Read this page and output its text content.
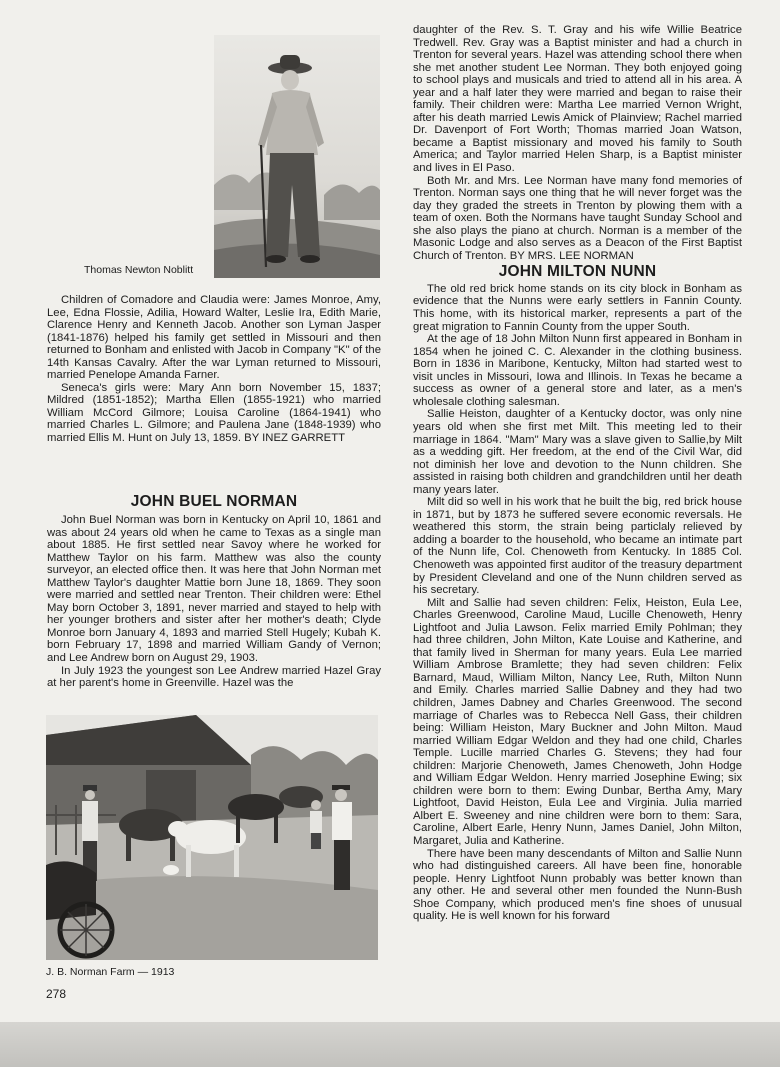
Thomas Newton Noblitt

Children of Comadore and Claudia were: James Monroe, Amy, Lee, Edna Flossie, Adilia, Howard Walter, Leslie Ira, Edith Marie, Clarence Henry and Kenneth Jacob. Another son Lyman Jasper (1841-1876) helped his family get settled in Missouri and then returned to Bonham and enlisted with Jacob in Company "K" of the 14th Kansas Cavalry. After the war Lyman returned to Missouri, married Penelope Amanda Farner.

Seneca's girls were: Mary Ann born November 15, 1837; Mildred (1851-1852); Martha Ellen (1855-1921) who married William McCord Gilmore; Louisa Caroline (1864-1941) who married Charles L. Gilmore; and Paulena Jane (1848-1939) who married Ellis M. Hunt on July 13, 1859. BY INEZ GARRETT

JOHN BUEL NORMAN

John Buel Norman was born in Kentucky on April 10, 1861 and was about 24 years old when he came to Texas as a single man about 1885. He first settled near Savoy where he worked for Matthew Taylor on his farm. Matthew was also the county surveyor, an elected office then. It was here that John Norman met Matthew Taylor's daughter Mattie born June 18, 1869. They soon were married and settled near Trenton. Their children were: Ethel May born October 3, 1891, never married and stayed to help with her younger brothers and sister after her mother's death; Clyde Monroe born January 4, 1893 and married Stell Hugely; Kubah K. born February 17, 1898 and married William Gandy of Vernon; and Lee Andrew born on August 29, 1903.

In July 1923 the youngest son Lee Andrew married Hazel Gray at her parent's home in Greenville. Hazel was the

J. B. Norman Farm — 1913
278

daughter of the Rev. S. T. Gray and his wife Willie Beatrice Tredwell. Rev. Gray was a Baptist minister and had a church in Trenton for several years. Hazel was attending school there when she met another student Lee Norman. They both enjoyed going to school plays and musicals and tried to attend all in his area. A year and a half later they were married and began to raise their family. Their children were: Martha Lee married Vernon Wright, after his death married Lewis Amick of Plainview; Rachel married Dr. Davenport of Fort Worth; Thomas married Joan Watson, became a Baptist missionary and moved his family to South America; and Taylor married Helen Sharp, is a Baptist minister and lives in El Paso.

Both Mr. and Mrs. Lee Norman have many fond memories of Trenton. Norman says one thing that he will never forget was the day they graded the streets in Trenton by plowing them with a team of oxen. Both the Normans have taught Sunday School and she also plays the piano at church. Norman is a member of the Masonic Lodge and also serves as a Deacon of the First Baptist Church of Trenton. BY MRS. LEE NORMAN

JOHN MILTON NUNN

The old red brick home stands on its city block in Bonham as evidence that the Nunns were early settlers in Fannin County. This home, with its historical marker, represents a part of the great migration to Fannin County from the upper South.

At the age of 18 John Milton Nunn first appeared in Bonham in 1854 when he joined C. C. Alexander in the clothing business. Born in 1836 in Maribone, Kentucky, Milton had started west to visit uncles in Missouri, Iowa and Illinois. In Texas he became a success as owner of a general store and later, as a men's wholesale clothing salesman.

Sallie Heiston, daughter of a Kentucky doctor, was only nine years old when she first met Milt. This meeting led to their marriage in 1864. "Mam" Mary was a slave given to Sallie,by Milt as a wedding gift. Her freedom, at the end of the Civil War, did not diminish her love and devotion to the Nunn children. She assisted in raising both children and grandchildren until her death many years later.

Milt did so well in his work that he built the big, red brick house in 1871, but by 1873 he suffered severe economic reversals. He weathered this storm, the strain being particlaly relieved by adding a boarder to the household, who became an intimate part of the Nunn life, Col. Chenoweth from Kentucky. In 1885 Col. Chenoweth was appointed first auditor of the treasury department by President Cleveland and one of the Nunn children served as his secretary.

Milt and Sallie had seven children: Felix, Heiston, Eula Lee, Charles Greenwood, Caroline Maud, Lucille Chenoweth, Henry Lightfoot and Julia Lawson. Felix married Emily Pohlman; they had three children, John Milton, Kate Louise and Katherine, and that family lived in Sherman for many years. Eula Lee married William Ambrose Bramlette; they had seven children: Felix Barnard, Maud, William Milton, Nancy Lee, Ruth, Milton Nunn and Emily. Charles married Sallie Dabney and they had two children, James Dabney and Charles Greenwood. The second marriage of Charles was to Rebecca Nell Gass, their children being: William Heiston, Mary Buckner and John Milton. Maud married William Edgar Weldon and they had one child, Charles Temple. Lucille married Charles G. Stevens; they had four children: Marjorie Chenoweth, James Chenoweth, John Hodge and William Edgar Weldon. Henry married Josephine Ewing; six children were born to them: Ewing Dunbar, Bertha Amy, Mary Lightfoot, David Heiston, Eula Lee and Virginia. Julia married Albert E. Sweeney and nine children were born to them: Sara, Caroline, Albert Earle, Henry Nunn, James Daniel, John Milton, Margaret, Julia and Katherine.

There have been many descendants of Milton and Sallie Nunn who had distinguished careers. All have been fine, honorable people. Henry Lightfoot Nunn probably was better known than any other. He and several other men founded the Nunn-Bush Shoe Company, which produced men's fine shoes of unusual quality. He is well known for his forward
